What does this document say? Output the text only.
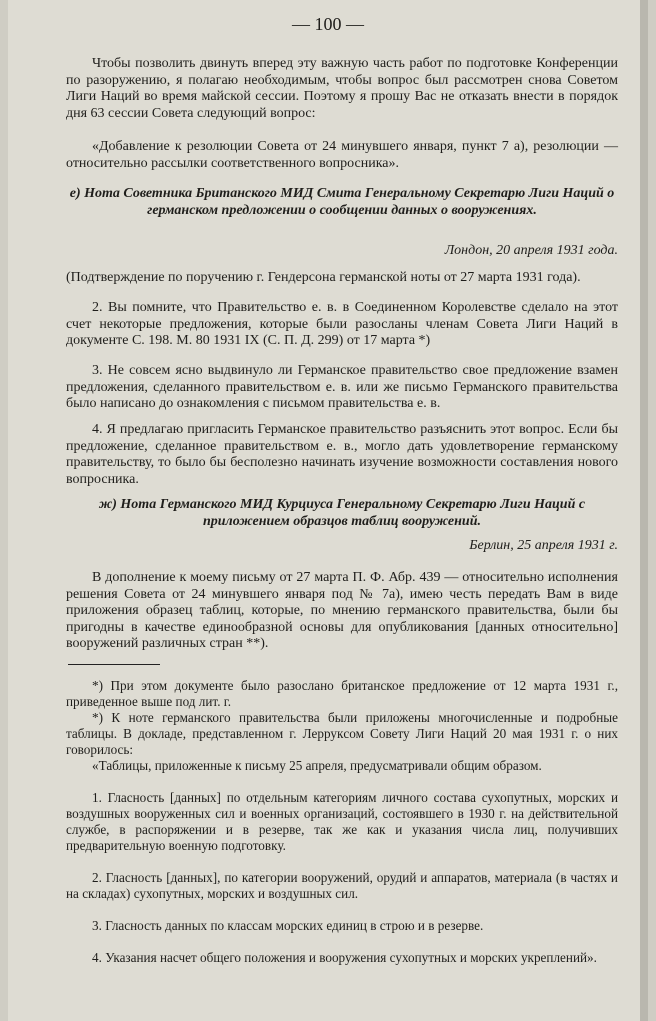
— 100 —

Чтобы позволить двинуть вперед эту важную часть работ по подготовке Конференции по разоружению, я полагаю необходимым, чтобы вопрос был рассмотрен снова Советом Лиги Наций во время майской сессии. Поэтому я прошу Вас не отказать внести в порядок дня 63 сессии Совета следующий вопрос:

«Добавление к резолюции Совета от 24 минувшего января, пункт 7 а), резолюции — относительно рассылки соответственного вопросника».

е) Нота Советника Британского МИД Смита Генеральному Секретарю Лиги Наций о германском предложении о сообщении данных о вооружениях.

Лондон, 20 апреля 1931 года.

(Подтверждение по поручению г. Гендерсона германской ноты от 27 марта 1931 года).

2. Вы помните, что Правительство е. в. в Соединенном Королевстве сделало на этот счет некоторые предложения, которые были разосланы членам Совета Лиги Наций в документе С. 198. М. 80 1931 IX (С. П. Д. 299) от 17 марта *)

3. Не совсем ясно выдвинуло ли Германское правительство свое предложение взамен предложения, сделанного правительством е. в. или же письмо Германского правительства было написано до ознакомления с письмом правительства е. в.

4. Я предлагаю пригласить Германское правительство разъяснить этот вопрос. Если бы предложение, сделанное правительством е. в., могло дать удовлетворение германскому правительству, то было бы бесполезно начинать изучение возможности составления нового вопросника.

ж) Нота Германского МИД Курциуса Генеральному Секретарю Лиги Наций с приложением образцов таблиц вооружений.

Берлин, 25 апреля 1931 г.

В дополнение к моему письму от 27 марта П. Ф. Абр. 439 — относительно исполнения решения Совета от 24 минувшего января под № 7а), имею честь передать Вам в виде приложения образец таблиц, которые, по мнению германского правительства, были бы пригодны в качестве единообразной основы для опубликования [данных относительно] вооружений различных стран **).

*) При этом документе было разослано британское предложение от 12 марта 1931 г., приведенное выше под лит. г.

*) К ноте германского правительства были приложены многочисленные и подробные таблицы. В докладе, представленном г. Леррукcом Совету Лиги Наций 20 мая 1931 г. о них говорилось:

«Таблицы, приложенные к письму 25 апреля, предусматривали общим образом.

1. Гласность [данных] по отдельным категориям личного состава сухопутных, морских и воздушных вооруженных сил и военных организаций, состоявшего в 1930 г. на действительной службе, в распоряжении и в резерве, так же как и указания числа лиц, получивших предварительную военную подготовку.

2. Гласность [данных], по категории вооружений, орудий и аппаратов, материала (в частях и на складах) сухопутных, морских и воздушных сил.

3. Гласность данных по классам морских единиц в строю и в резерве.

4. Указания насчет общего положения и вооружения сухопутных и морских укреплений».
